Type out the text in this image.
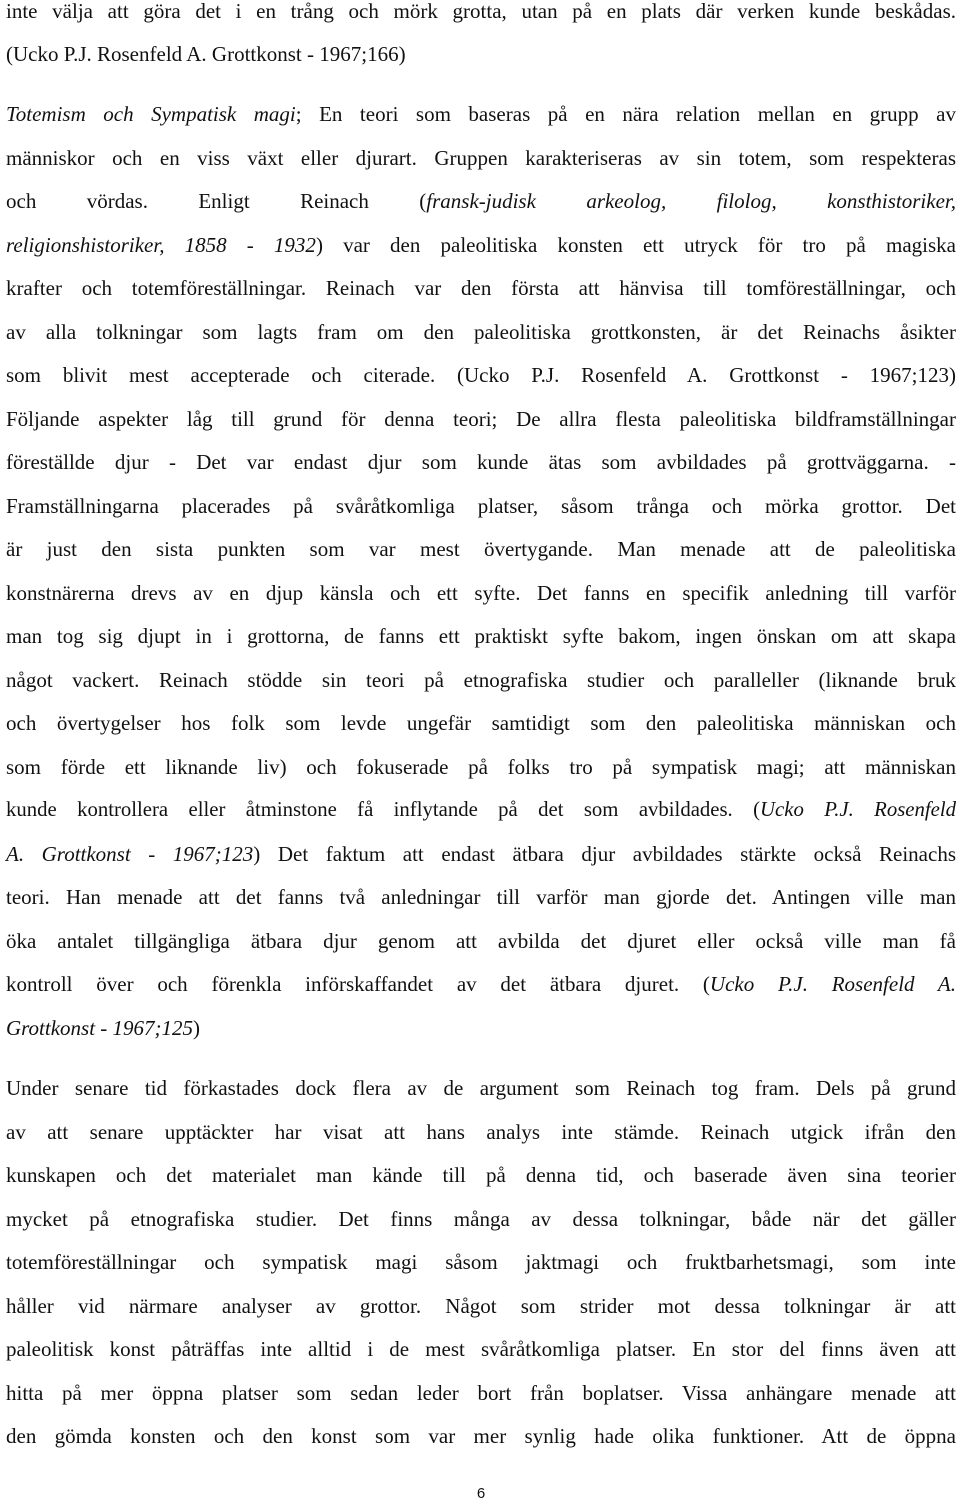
inte välja att göra det i en trång och mörk grotta, utan på en plats där verken kunde beskådas.
(Ucko P.J. Rosenfeld A. Grottkonst - 1967;166)
Totemism och Sympatisk magi; En teori som baseras på en nära relation mellan en grupp av
människor och en viss växt eller djurart. Gruppen karakteriseras av sin totem, som respekteras
och vördas. Enligt Reinach (fransk-judisk arkeolog, filolog, konsthistoriker,
religionshistoriker, 1858 - 1932) var den paleolitiska konsten ett utryck för tro på magiska
krafter och totemföreställningar. Reinach var den första att hänvisa till tomföreställningar, och
av alla tolkningar som lagts fram om den paleolitiska grottkonsten, är det Reinachs åsikter
som blivit mest accepterade och citerade. (Ucko P.J. Rosenfeld A. Grottkonst - 1967;123)
Följande aspekter låg till grund för denna teori; De allra flesta paleolitiska bildframställningar
föreställde djur - Det var endast djur som kunde ätas som avbildades på grottväggarna. -
Framställningarna placerades på svåråtkomliga platser, såsom trånga och mörka grottor. Det
är just den sista punkten som var mest övertygande. Man menade att de paleolitiska
konstnärerna drevs av en djup känsla och ett syfte. Det fanns en specifik anledning till varför
man tog sig djupt in i grottorna, de fanns ett praktiskt syfte bakom, ingen önskan om att skapa
något vackert. Reinach stödde sin teori på etnografiska studier och paralleller (liknande bruk
och övertygelser hos folk som levde ungefär samtidigt som den paleolitiska människan och
som förde ett liknande liv) och fokuserade på folks tro på sympatisk magi; att människan
kunde kontrollera eller åtminstone få inflytande på det som avbildades. (Ucko P.J. Rosenfeld
A. Grottkonst - 1967;123) Det faktum att endast ätbara djur avbildades stärkte också Reinachs
teori. Han menade att det fanns två anledningar till varför man gjorde det. Antingen ville man
öka antalet tillgängliga ätbara djur genom att avbilda det djuret eller också ville man få
kontroll över och förenkla införskaffandet av det ätbara djuret. (Ucko P.J. Rosenfeld A.
Grottkonst - 1967;125)
Under senare tid förkastades dock flera av de argument som Reinach tog fram. Dels på grund
av att senare upptäckter har visat att hans analys inte stämde. Reinach utgick ifrån den
kunskapen och det materialet man kände till på denna tid, och baserade även sina teorier
mycket på etnografiska studier. Det finns många av dessa tolkningar, både när det gäller
totemföreställningar och sympatisk magi såsom jaktmagi och fruktbarhetsmagi, som inte
håller vid närmare analyser av grottor. Något som strider mot dessa tolkningar är att
paleolitisk konst påträffas inte alltid i de mest svåråtkomliga platser. En stor del finns även att
hitta på mer öppna platser som sedan leder bort från boplatser. Vissa anhängare menade att
den gömda konsten och den konst som var mer synlig hade olika funktioner. Att de öppna
6
